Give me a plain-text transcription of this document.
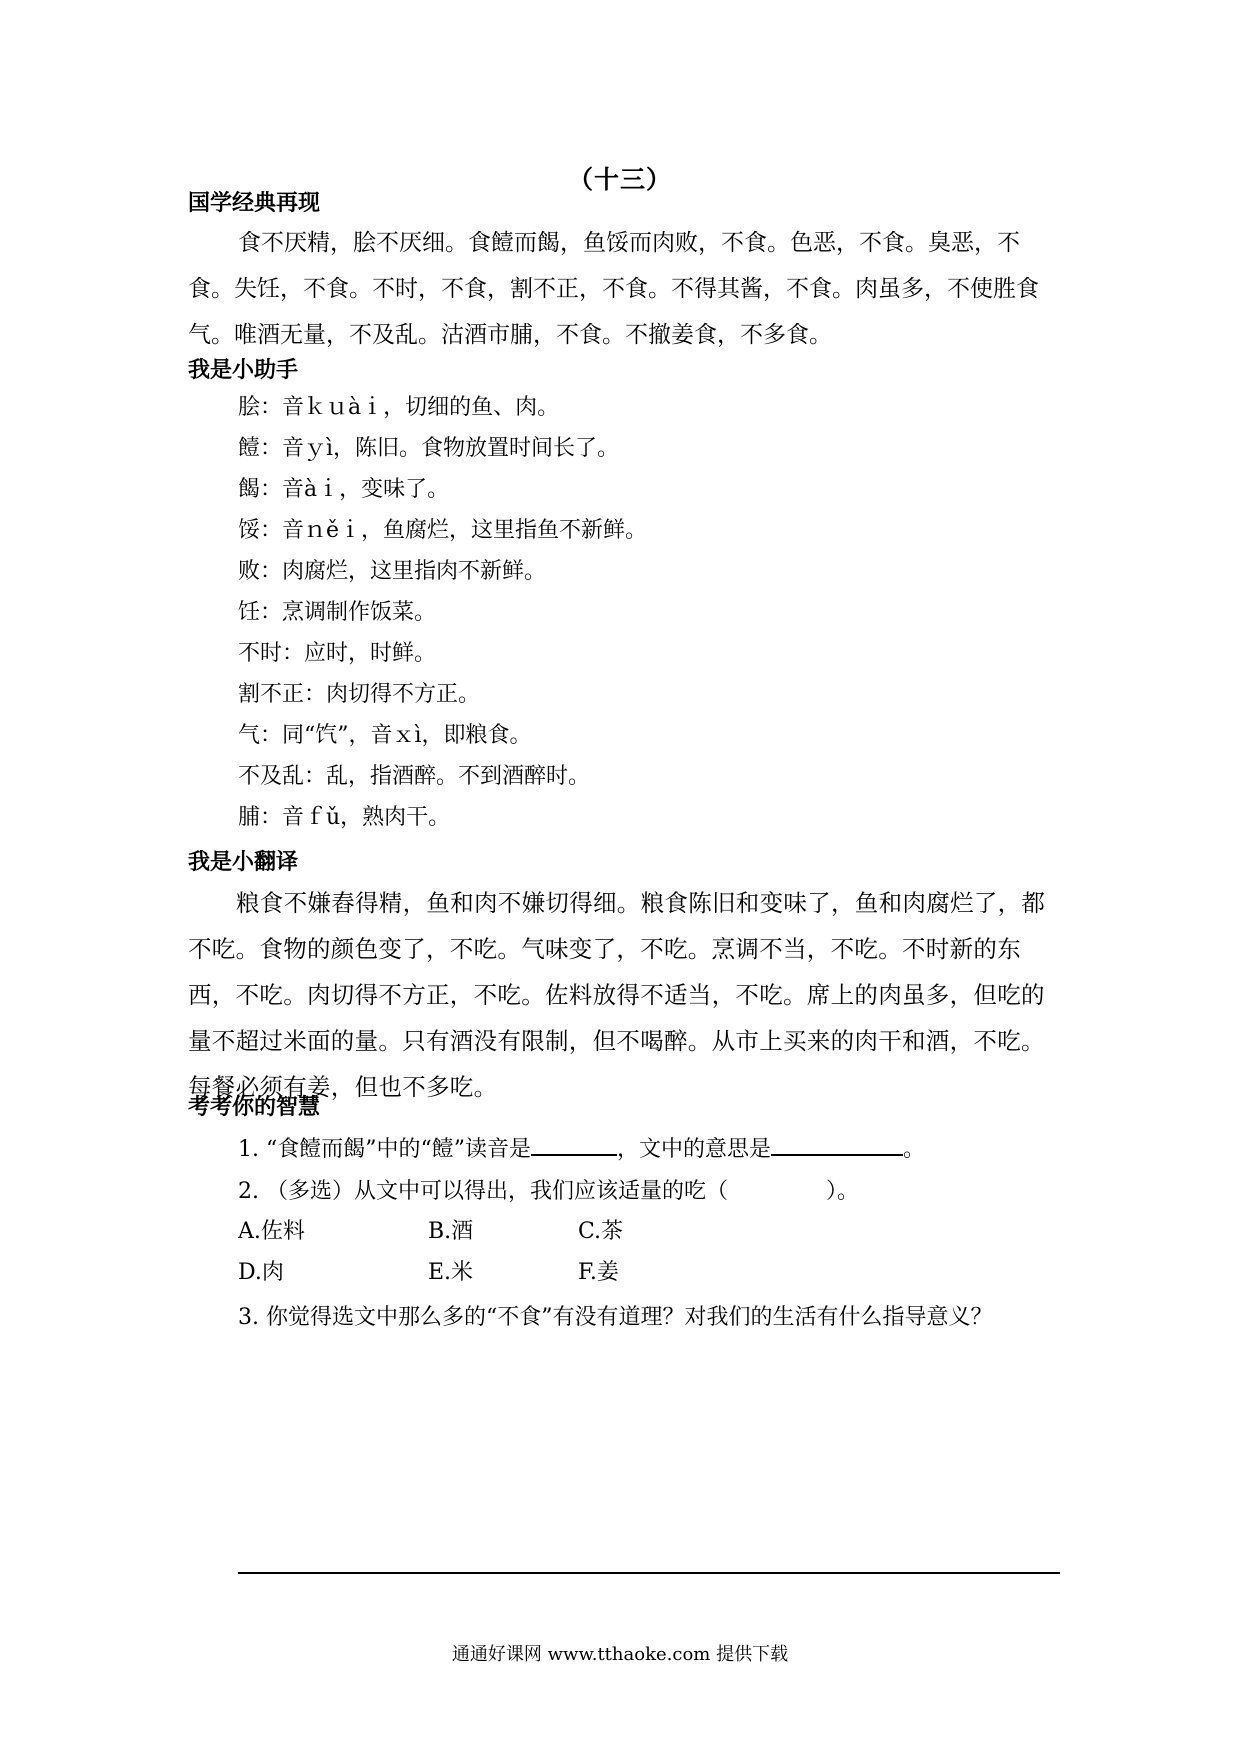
（十三）
国学经典再现
食不厌精，脍不厌细。食饐而餲，鱼馁而肉败，不食。色恶，不食。臭恶，不食。失饪，不食。不时，不食，割不正，不食。不得其酱，不食。肉虽多，不使胜食气。唯酒无量，不及乱。沽酒市脯，不食。不撤姜食，不多食。
我是小助手
脍：音ｋｕàｉ，切细的鱼、肉。
饐：音ｙì，陈旧。食物放置时间长了。
餲：音àｉ，变味了。
馁：音ｎěｉ，鱼腐烂，这里指鱼不新鲜。
败：肉腐烂，这里指肉不新鲜。
饪：烹调制作饭菜。
不时：应时，时鲜。
割不正：肉切得不方正。
气：同“饩”，音ｘì，即粮食。
不及乱：乱，指酒醉。不到酒醉时。
脯：音ｆǔ，熟肉干。
我是小翻译
粮食不嫌舂得精，鱼和肉不嫌切得细。粮食陈旧和变味了，鱼和肉腐烂了，都不吃。食物的颜色变了，不吃。气味变了，不吃。烹调不当，不吃。不时新的东西，不吃。肉切得不方正，不吃。佐料放得不适当，不吃。席上的肉虽多，但吃的量不超过米面的量。只有酒没有限制，但不喝醉。从市上买来的肉干和酒，不吃。每餐必须有姜，但也不多吃。
考考你的智慧
1. “食饐而餲”中的“饐”读音是	，文中的意思是	。
2. （多选）从文中可以得出，我们应该适量的吃（	）。
A.佐料	B.酒	C.茶
D.肉	E.米	F.姜
3. 你觉得选文中那么多的“不食”有没有道理？对我们的生活有什么指导意义？
通通好课网 www.tthaoke.com 提供下载
